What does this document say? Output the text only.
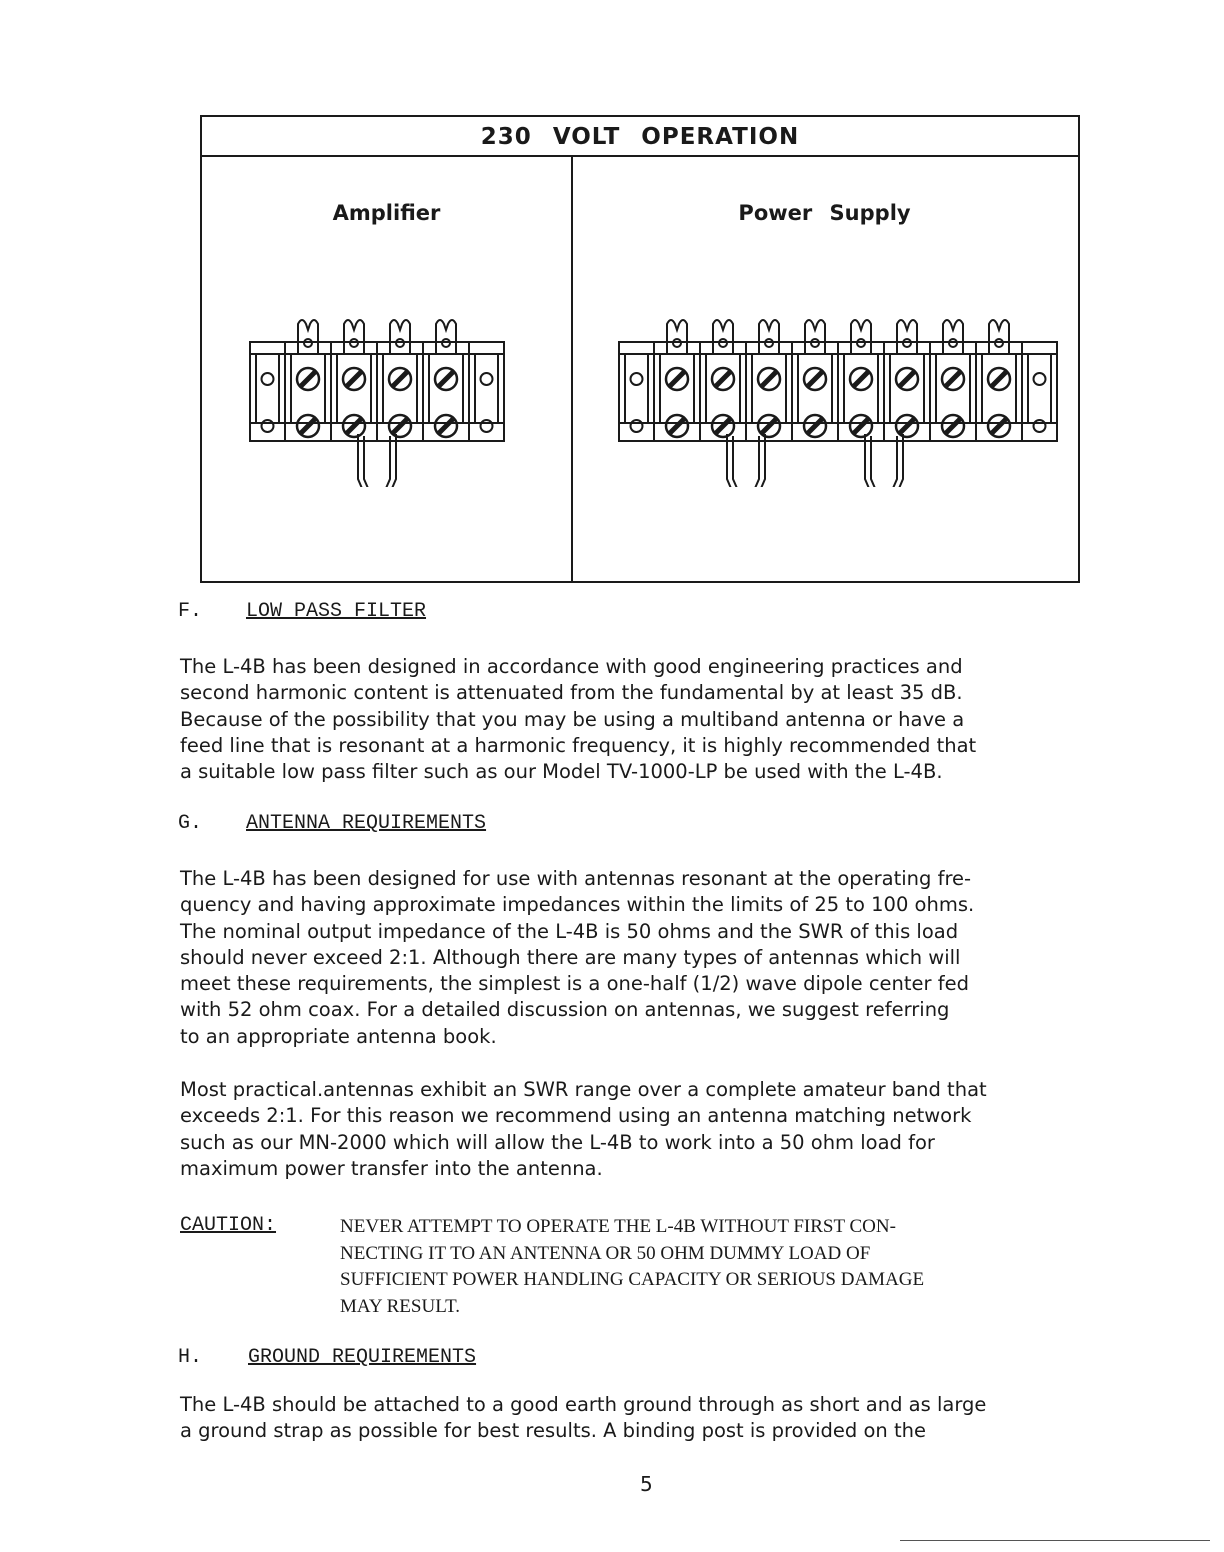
230 VOLT OPERATION
Amplifier	Power Supply
F. LOW PASS FILTER
The L-4B has been designed in accordance with good engineering practices and
second harmonic content is attenuated from the fundamental by at least 35 dB.
Because of the possibility that you may be using a multiband antenna or have a
feed line that is resonant at a harmonic frequency, it is highly recommended that
a suitable low pass filter such as our Model TV-1000-LP be used with the L-4B.
G. ANTENNA REQUIREMENTS
The L-4B has been designed for use with antennas resonant at the operating fre-
quency and having approximate impedances within the limits of 25 to 100 ohms.
The nominal output impedance of the L-4B is 50 ohms and the SWR of this load
should never exceed 2:1. Although there are many types of antennas which will
meet these requirements, the simplest is a one-half (1/2) wave dipole center fed
with 52 ohm coax. For a detailed discussion on antennas, we suggest referring
to an appropriate antenna book.
Most practical.antennas exhibit an SWR range over a complete amateur band that
exceeds 2:1. For this reason we recommend using an antenna matching network
such as our MN-2000 which will allow the L-4B to work into a 50 ohm load for
maximum power transfer into the antenna.
CAUTION:	NEVER ATTEMPT TO OPERATE THE L-4B WITHOUT FIRST CON-
NECTING IT TO AN ANTENNA OR 50 OHM DUMMY LOAD OF
SUFFICIENT POWER HANDLING CAPACITY OR SERIOUS DAMAGE
MAY RESULT.
H. GROUND REQUIREMENTS
The L-4B should be attached to a good earth ground through as short and as large
a ground strap as possible for best results. A binding post is provided on the
5
